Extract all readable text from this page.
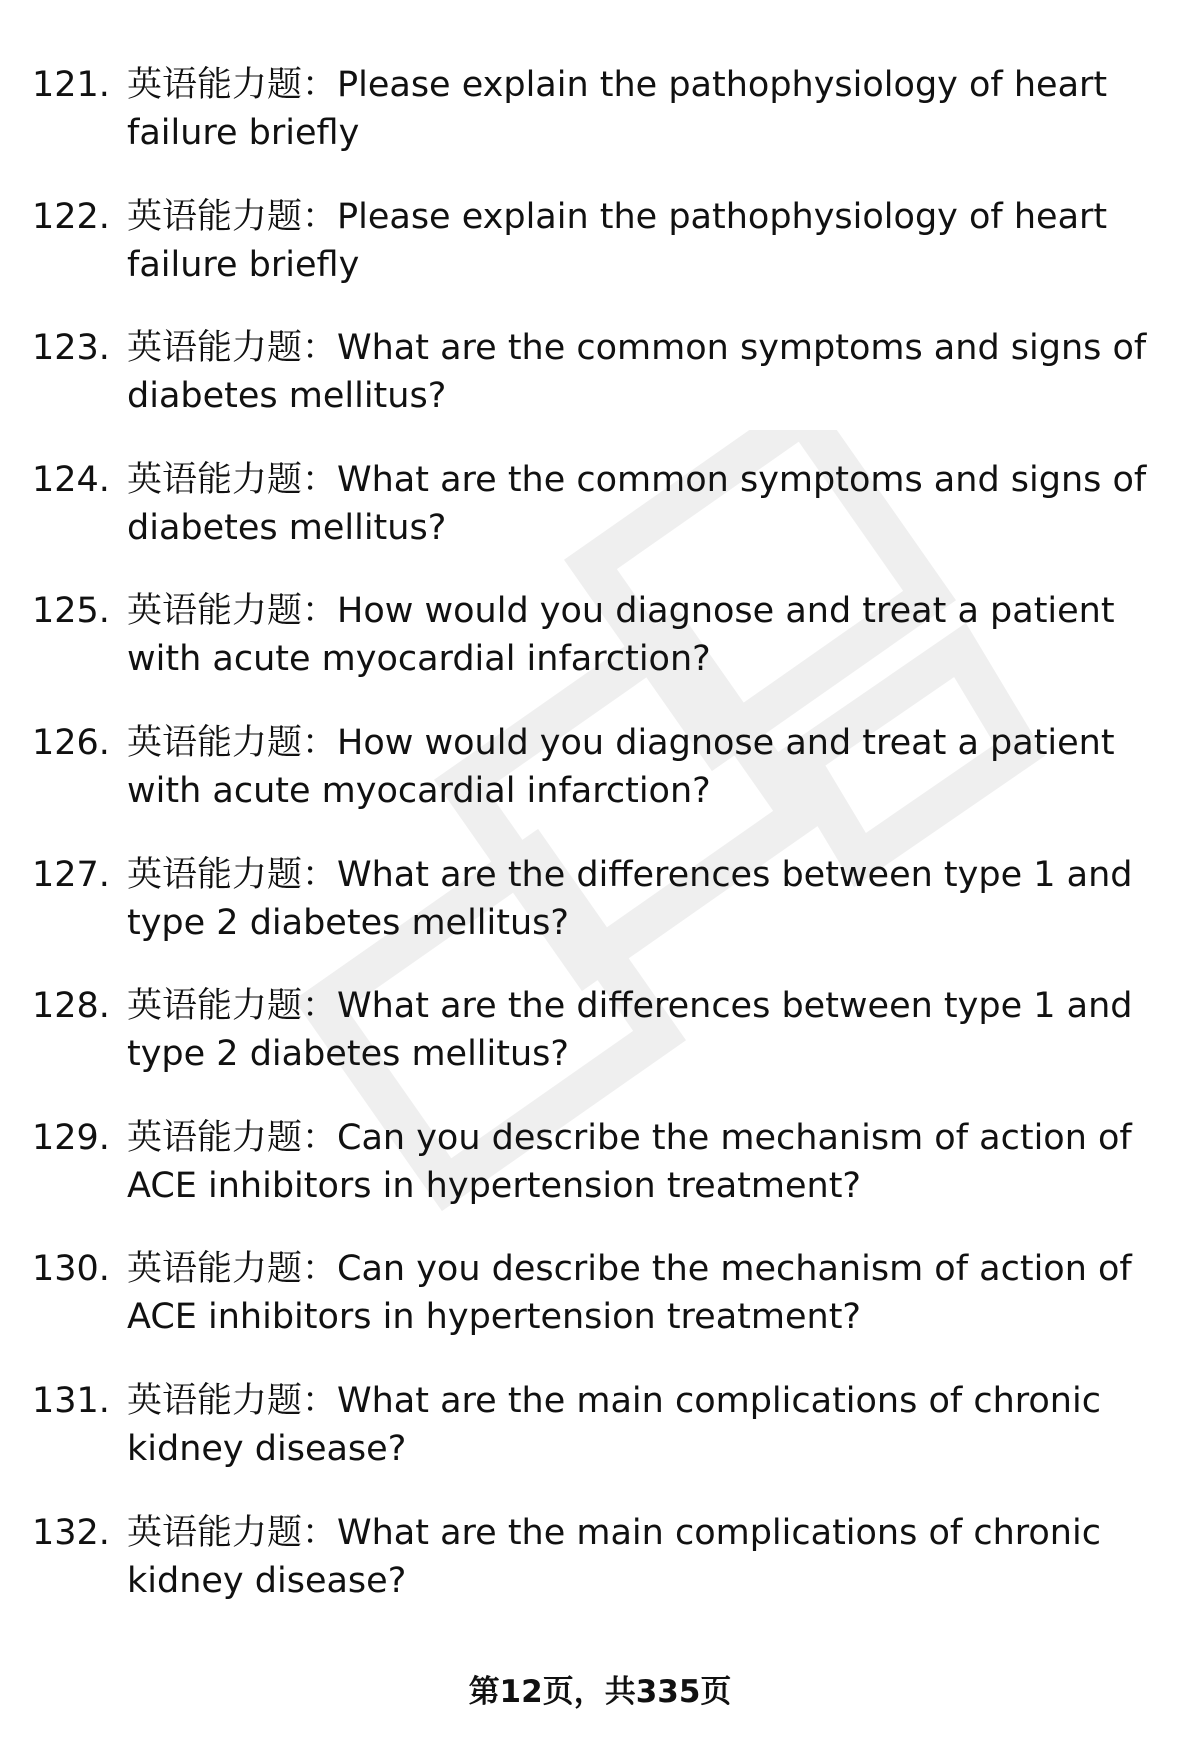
121. 英语能力题：Please explain the pathophysiology of heart failure briefly
122. 英语能力题：Please explain the pathophysiology of heart failure briefly
123. 英语能力题：What are the common symptoms and signs of diabetes mellitus?
124. 英语能力题：What are the common symptoms and signs of diabetes mellitus?
125. 英语能力题：How would you diagnose and treat a patient with acute myocardial infarction?
126. 英语能力题：How would you diagnose and treat a patient with acute myocardial infarction?
127. 英语能力题：What are the differences between type 1 and type 2 diabetes mellitus?
128. 英语能力题：What are the differences between type 1 and type 2 diabetes mellitus?
129. 英语能力题：Can you describe the mechanism of action of ACE inhibitors in hypertension treatment?
130. 英语能力题：Can you describe the mechanism of action of ACE inhibitors in hypertension treatment?
131. 英语能力题：What are the main complications of chronic kidney disease?
132. 英语能力题：What are the main complications of chronic kidney disease?
第12页，共335页
